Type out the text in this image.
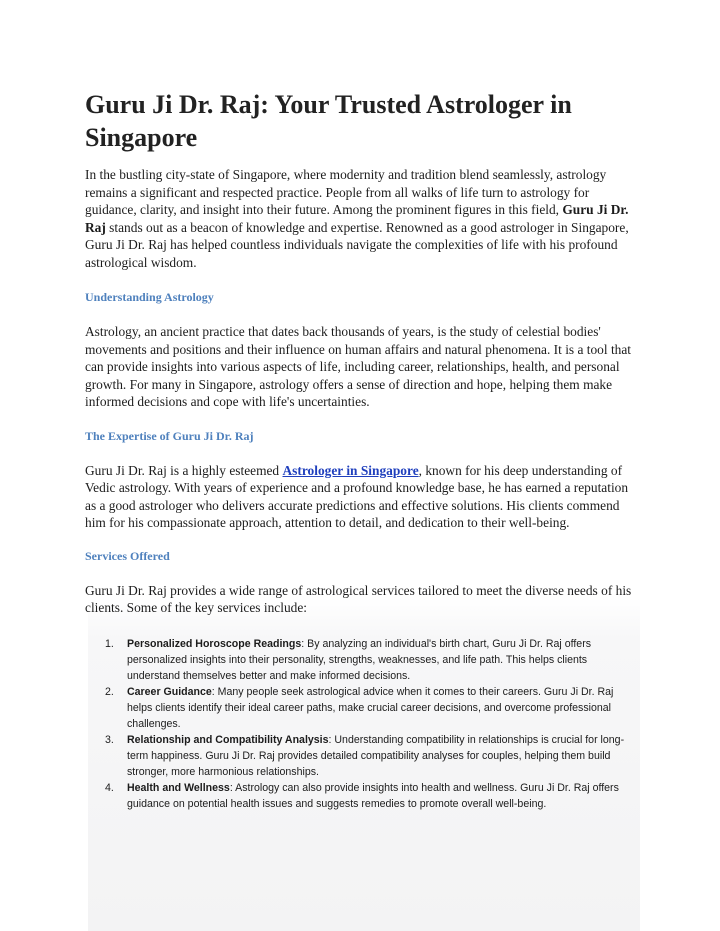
Guru Ji Dr. Raj: Your Trusted Astrologer in Singapore

In the bustling city-state of Singapore, where modernity and tradition blend seamlessly, astrology remains a significant and respected practice. People from all walks of life turn to astrology for guidance, clarity, and insight into their future. Among the prominent figures in this field, Guru Ji Dr. Raj stands out as a beacon of knowledge and expertise. Renowned as a good astrologer in Singapore, Guru Ji Dr. Raj has helped countless individuals navigate the complexities of life with his profound astrological wisdom.

Understanding Astrology

Astrology, an ancient practice that dates back thousands of years, is the study of celestial bodies' movements and positions and their influence on human affairs and natural phenomena. It is a tool that can provide insights into various aspects of life, including career, relationships, health, and personal growth. For many in Singapore, astrology offers a sense of direction and hope, helping them make informed decisions and cope with life's uncertainties.

The Expertise of Guru Ji Dr. Raj

Guru Ji Dr. Raj is a highly esteemed Astrologer in Singapore, known for his deep understanding of Vedic astrology. With years of experience and a profound knowledge base, he has earned a reputation as a good astrologer who delivers accurate predictions and effective solutions. His clients commend him for his compassionate approach, attention to detail, and dedication to their well-being.

Services Offered

Guru Ji Dr. Raj provides a wide range of astrological services tailored to meet the diverse needs of his clients. Some of the key services include:

1. Personalized Horoscope Readings: By analyzing an individual's birth chart, Guru Ji Dr. Raj offers personalized insights into their personality, strengths, weaknesses, and life path. This helps clients understand themselves better and make informed decisions.
2. Career Guidance: Many people seek astrological advice when it comes to their careers. Guru Ji Dr. Raj helps clients identify their ideal career paths, make crucial career decisions, and overcome professional challenges.
3. Relationship and Compatibility Analysis: Understanding compatibility in relationships is crucial for long-term happiness. Guru Ji Dr. Raj provides detailed compatibility analyses for couples, helping them build stronger, more harmonious relationships.
4. Health and Wellness: Astrology can also provide insights into health and wellness. Guru Ji Dr. Raj offers guidance on potential health issues and suggests remedies to promote overall well-being.
